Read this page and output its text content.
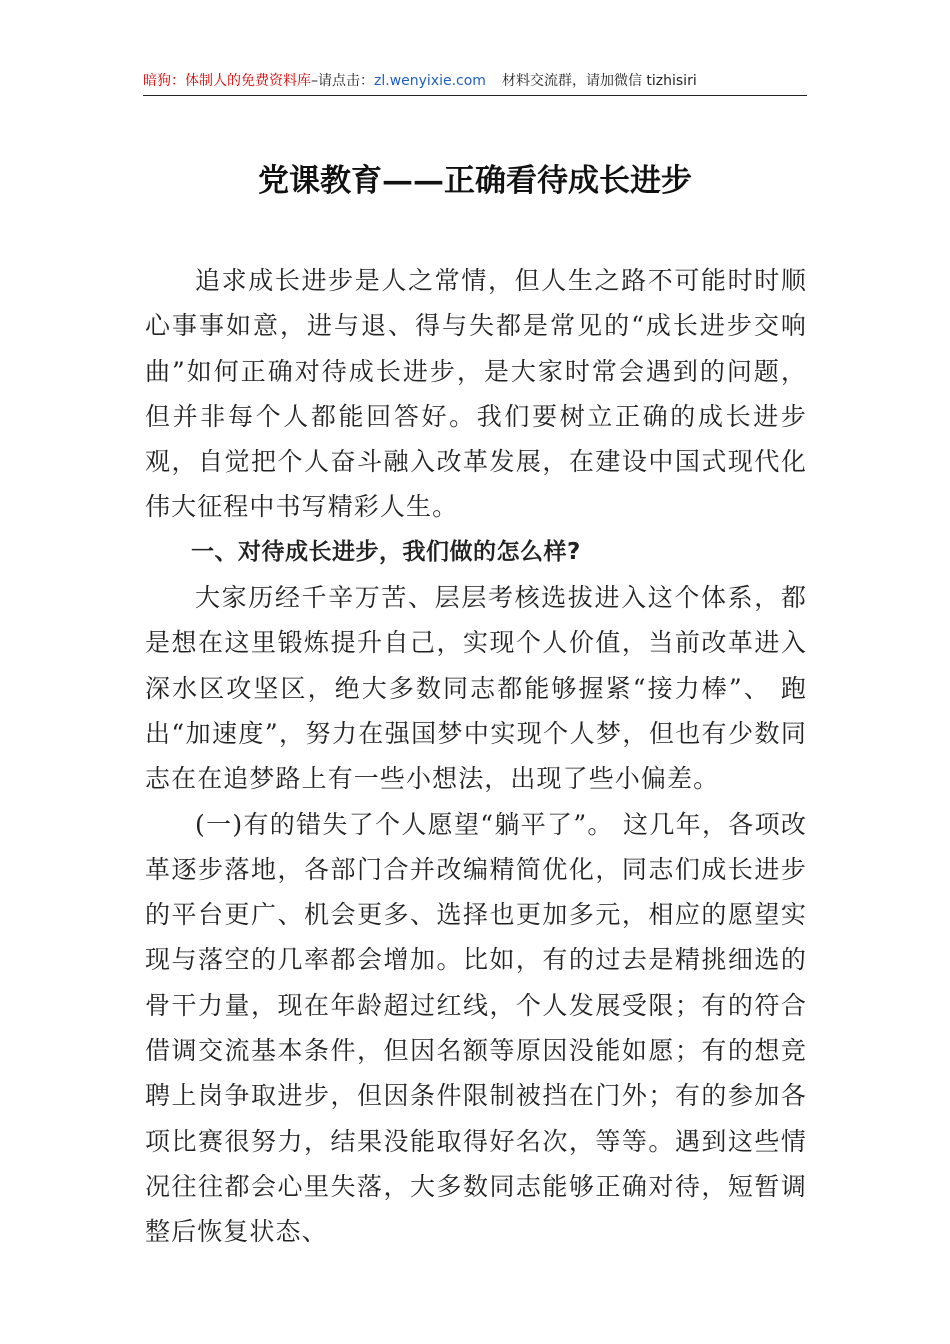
暗狗：体制人的免费资料库–请点击：zl.wenyixie.com 材料交流群，请加微信 tizhisiri
党课教育——正确看待成长进步

追求成长进步是人之常情，但人生之路不可能时时顺心事事如意，进与退、得与失都是常见的“成长进步交响曲”如何正确对待成长进步，是大家时常会遇到的问题，但并非每个人都能回答好。我们要树立正确的成长进步观，自觉把个人奋斗融入改革发展，在建设中国式现代化伟大征程中书写精彩人生。

一、对待成长进步，我们做的怎么样?

大家历经千辛万苦、层层考核选拔进入这个体系，都是想在这里锻炼提升自己，实现个人价值，当前改革进入深水区攻坚区，绝大多数同志都能够握紧“接力棒”、 跑出“加速度”，努力在强国梦中实现个人梦，但也有少数同志在在追梦路上有一些小想法，出现了些小偏差。

(一)有的错失了个人愿望“躺平了”。 这几年，各项改革逐步落地，各部门合并改编精简优化，同志们成长进步的平台更广、机会更多、选择也更加多元，相应的愿望实现与落空的几率都会增加。比如，有的过去是精挑细选的骨干力量，现在年龄超过红线，个人发展受限；有的符合借调交流基本条件，但因名额等原因没能如愿；有的想竞聘上岗争取进步，但因条件限制被挡在门外；有的参加各项比赛很努力，结果没能取得好名次，等等。遇到这些情况往往都会心里失落，大多数同志能够正确对待，短暂调整后恢复状态、
